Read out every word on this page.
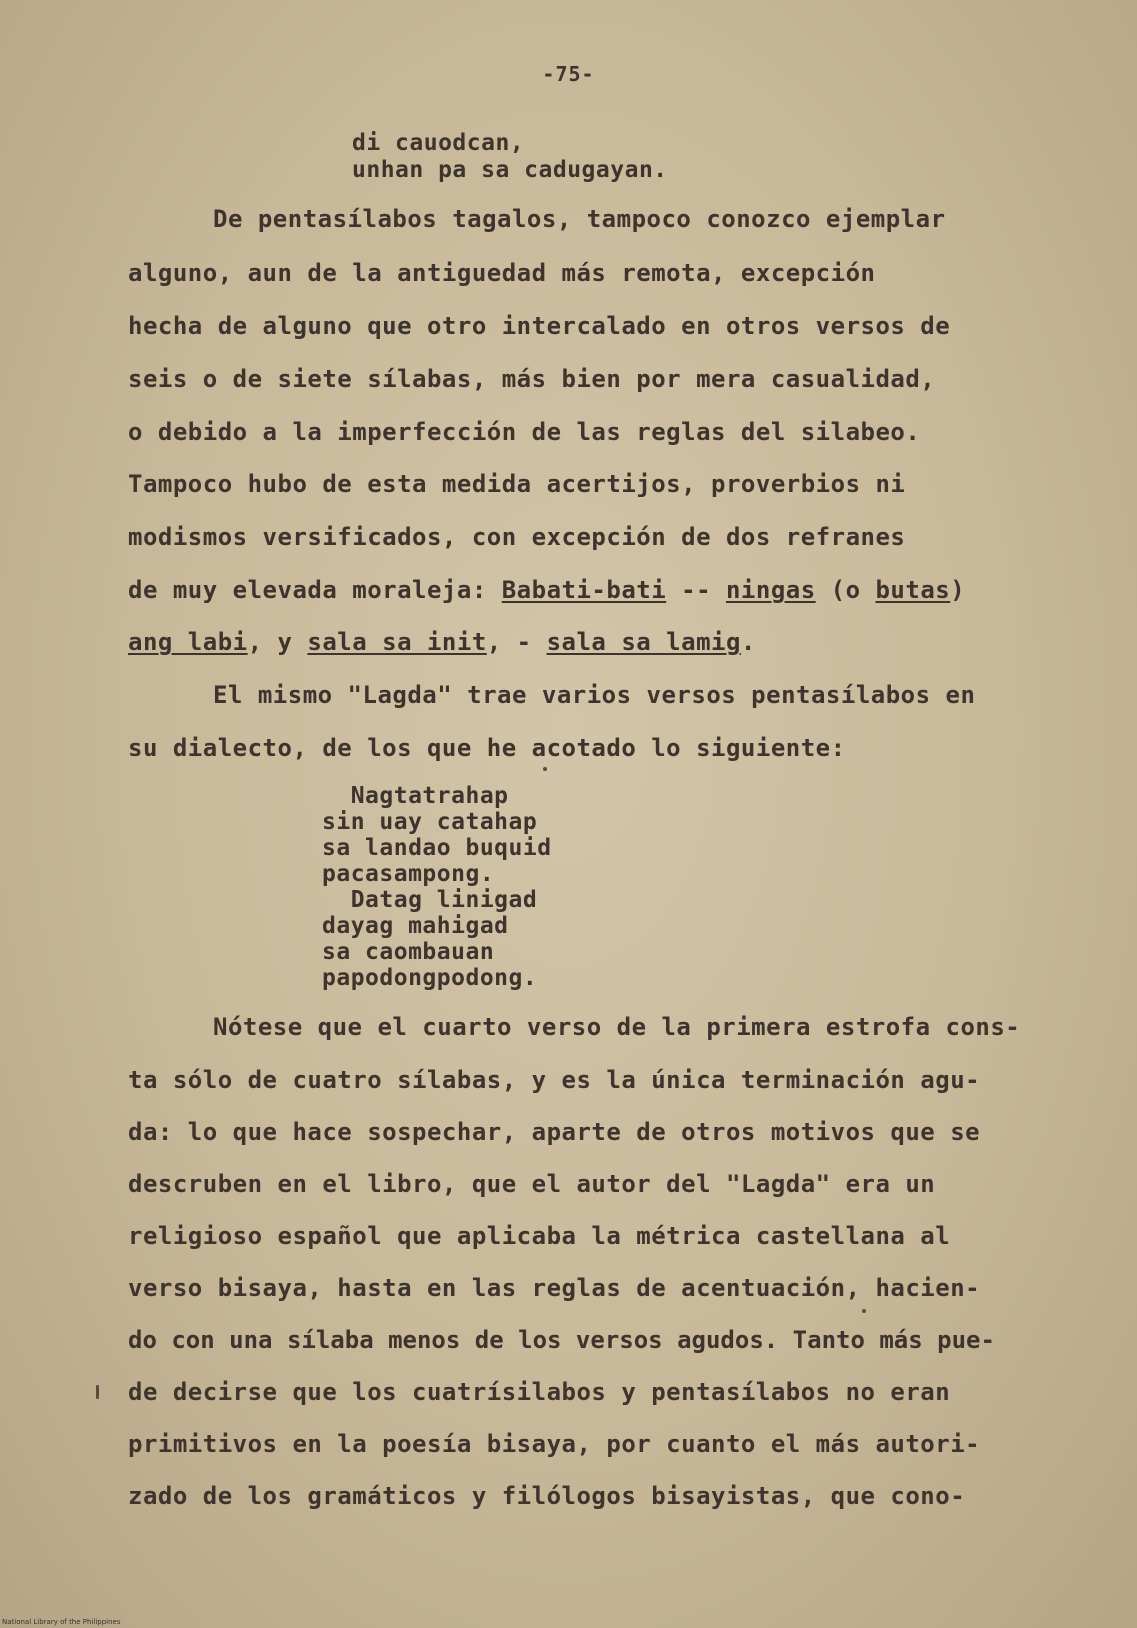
-75-
di cauodcan,
unhan pa sa cadugayan.
De pentasílabos tagalos, tampoco conozco ejemplar
alguno, aun de la antiguedad más remota, excepción
hecha de alguno que otro intercalado en otros versos de
seis o de siete sílabas, más bien por mera casualidad,
o debido a la imperfección de las reglas del silabeo.
Tampoco hubo de esta medida acertijos, proverbios ni
modismos versificados, con excepción de dos refranes
de muy elevada moraleja: Babati-bati -- ningas (o butas)
ang labi, y sala sa init, - sala sa lamig.
El mismo "Lagda" trae varios versos pentasílabos en
su dialecto, de los que he acotado lo siguiente:
Nagtatrahap
sin uay catahap
sa landao buquid
pacasampong.
Datag linigad
dayag mahigad
sa caombauan
papodongpodong.
Nótese que el cuarto verso de la primera estrofa cons-
ta sólo de cuatro sílabas, y es la única terminación agu-
da: lo que hace sospechar, aparte de otros motivos que se
descruben en el libro, que el autor del "Lagda" era un
religioso español que aplicaba la métrica castellana al
verso bisaya, hasta en las reglas de acentuación, hacien-
do con una sílaba menos de los versos agudos. Tanto más pue-
de decirse que los cuatrísilabos y pentasílabos no eran
primitivos en la poesía bisaya, por cuanto el más autori-
zado de los gramáticos y filólogos bisayistas, que cono-
National Library of the Philippines
